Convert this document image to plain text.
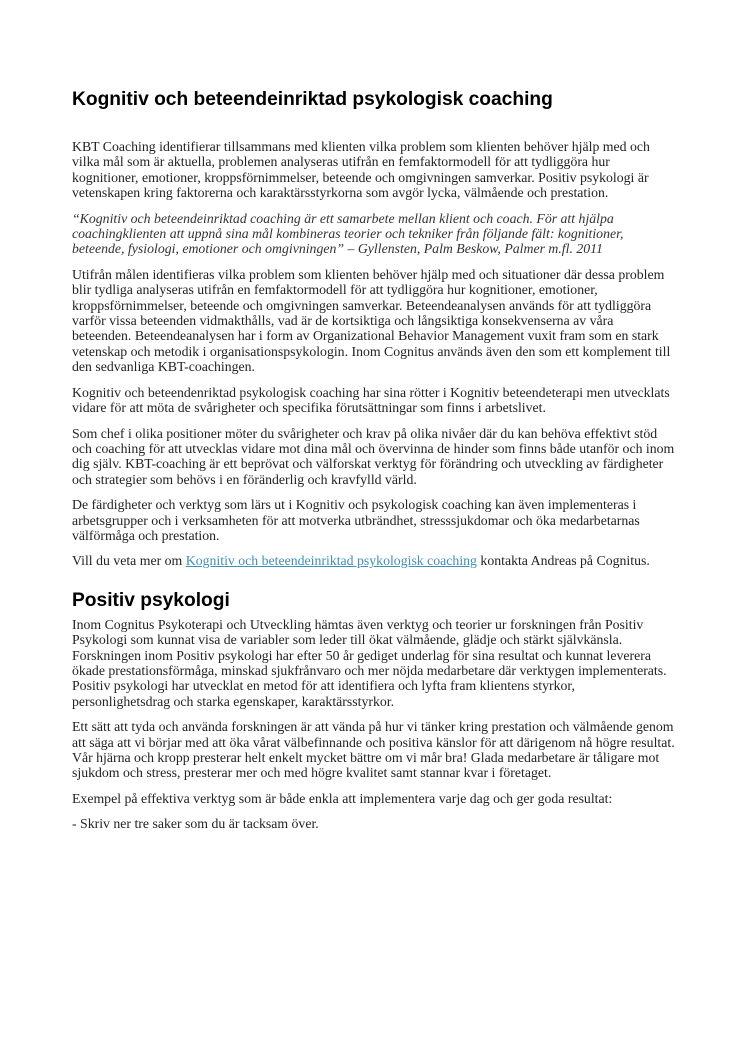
Kognitiv och beteendeinriktad psykologisk coaching

KBT Coaching identifierar tillsammans med klienten vilka problem som klienten behöver hjälp med och vilka mål som är aktuella, problemen analyseras utifrån en femfaktormodell för att tydliggöra hur kognitioner, emotioner, kroppsförnimmelser, beteende och omgivningen samverkar. Positiv psykologi är vetenskapen kring faktorerna och karaktärsstyrkorna som avgör lycka, välmående och prestation.

“Kognitiv och beteendeinriktad coaching är ett samarbete mellan klient och coach. För att hjälpa coachingklienten att uppnå sina mål kombineras teorier och tekniker från följande fält: kognitioner, beteende, fysiologi, emotioner och omgivningen” – Gyllensten, Palm Beskow, Palmer m.fl. 2011

Utifrån målen identifieras vilka problem som klienten behöver hjälp med och situationer där dessa problem blir tydliga analyseras utifrån en femfaktormodell för att tydliggöra hur kognitioner, emotioner, kroppsförnimmelser, beteende och omgivningen samverkar. Beteendeanalysen används för att tydliggöra varför vissa beteenden vidmakthålls, vad är de kortsiktiga och långsiktiga konsekvenserna av våra beteenden. Beteendeanalysen har i form av Organizational Behavior Management vuxit fram som en stark vetenskap och metodik i organisationspsykologin. Inom Cognitus används även den som ett komplement till den sedvanliga KBT-coachingen.

Kognitiv och beteendenriktad psykologisk coaching har sina rötter i Kognitiv beteendeterapi men utvecklats vidare för att möta de svårigheter och specifika förutsättningar som finns i arbetslivet.

Som chef i olika positioner möter du svårigheter och krav på olika nivåer där du kan behöva effektivt stöd och coaching för att utvecklas vidare mot dina mål och övervinna de hinder som finns både utanför och inom dig själv. KBT-coaching är ett beprövat och välforskat verktyg för förändring och utveckling av färdigheter och strategier som behövs i en föränderlig och kravfylld värld.

De färdigheter och verktyg som lärs ut i Kognitiv och psykologisk coaching kan även implementeras i arbetsgrupper och i verksamheten för att motverka utbrändhet, stresssjukdomar och öka medarbetarnas välförmåga och prestation.

Vill du veta mer om Kognitiv och beteendeinriktad psykologisk coaching kontakta Andreas på Cognitus.

Positiv psykologi

Inom Cognitus Psykoterapi och Utveckling hämtas även verktyg och teorier ur forskningen från Positiv Psykologi som kunnat visa de variabler som leder till ökat välmående, glädje och stärkt självkänsla. Forskningen inom Positiv psykologi har efter 50 år gediget underlag för sina resultat och kunnat leverera ökade prestationsförmåga, minskad sjukfrånvaro och mer nöjda medarbetare där verktygen implementerats. Positiv psykologi har utvecklat en metod för att identifiera och lyfta fram klientens styrkor, personlighetsdrag och starka egenskaper, karaktärsstyrkor.

Ett sätt att tyda och använda forskningen är att vända på hur vi tänker kring prestation och välmående genom att säga att vi börjar med att öka vårat välbefinnande och positiva känslor för att därigenom nå högre resultat. Vår hjärna och kropp presterar helt enkelt mycket bättre om vi mår bra! Glada medarbetare är tåligare mot sjukdom och stress, presterar mer och med högre kvalitet samt stannar kvar i företaget.

Exempel på effektiva verktyg som är både enkla att implementera varje dag och ger goda resultat:

- Skriv ner tre saker som du är tacksam över.
